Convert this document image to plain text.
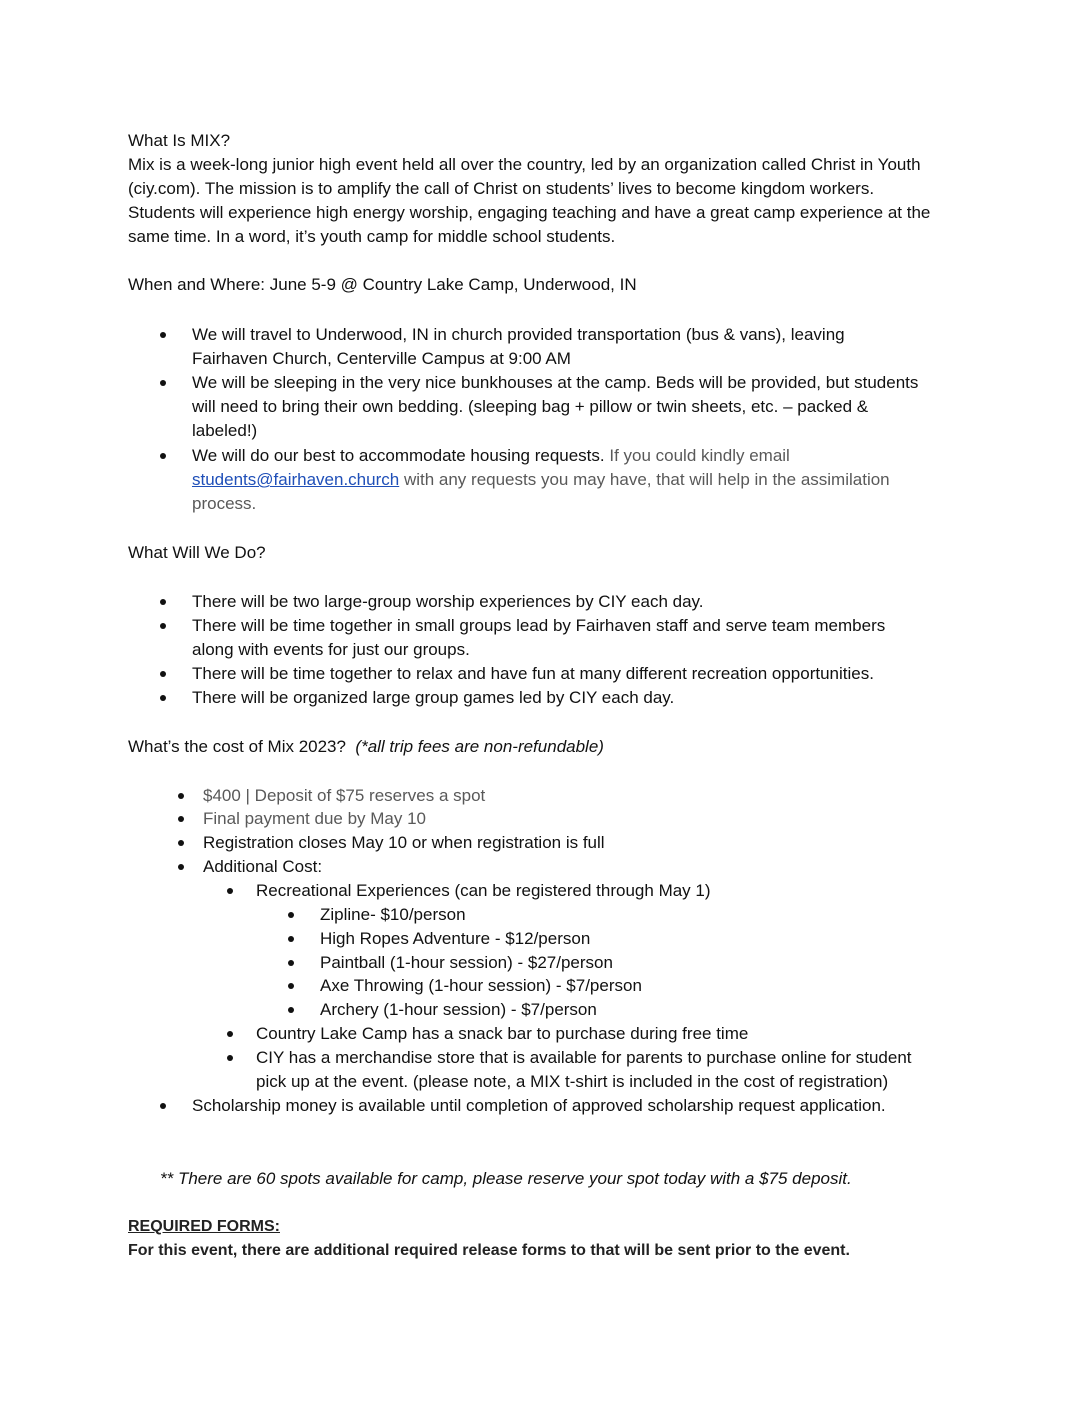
What Is MIX?
Mix is a week-long junior high event held all over the country, led by an organization called Christ in Youth
(ciy.com). The mission is to amplify the call of Christ on students’ lives to become kingdom workers.
Students will experience high energy worship, engaging teaching and have a great camp experience at the
same time. In a word, it’s youth camp for middle school students.
When and Where: June 5-9 @ Country Lake Camp, Underwood, IN
We will travel to Underwood, IN in church provided transportation (bus & vans), leaving
Fairhaven Church, Centerville Campus at 9:00 AM
We will be sleeping in the very nice bunkhouses at the camp. Beds will be provided, but students
will need to bring their own bedding. (sleeping bag + pillow or twin sheets, etc. – packed &
labeled!)
We will do our best to accommodate housing requests. If you could kindly email
students@fairhaven.church with any requests you may have, that will help in the assimilation
process.
What Will We Do?
There will be two large-group worship experiences by CIY each day.
There will be time together in small groups lead by Fairhaven staff and serve team members
along with events for just our groups.
There will be time together to relax and have fun at many different recreation opportunities.
There will be organized large group games led by CIY each day.
What’s the cost of Mix 2023? (*all trip fees are non-refundable)
$400 | Deposit of $75 reserves a spot
Final payment due by May 10
Registration closes May 10 or when registration is full
Additional Cost:
Recreational Experiences (can be registered through May 1)
Zipline- $10/person
High Ropes Adventure - $12/person
Paintball (1-hour session) - $27/person
Axe Throwing (1-hour session) - $7/person
Archery (1-hour session) - $7/person
Country Lake Camp has a snack bar to purchase during free time
CIY has a merchandise store that is available for parents to purchase online for student
pick up at the event. (please note, a MIX t-shirt is included in the cost of registration)
Scholarship money is available until completion of approved scholarship request application.
** There are 60 spots available for camp, please reserve your spot today with a $75 deposit.
REQUIRED FORMS:
For this event, there are additional required release forms to that will be sent prior to the event.
